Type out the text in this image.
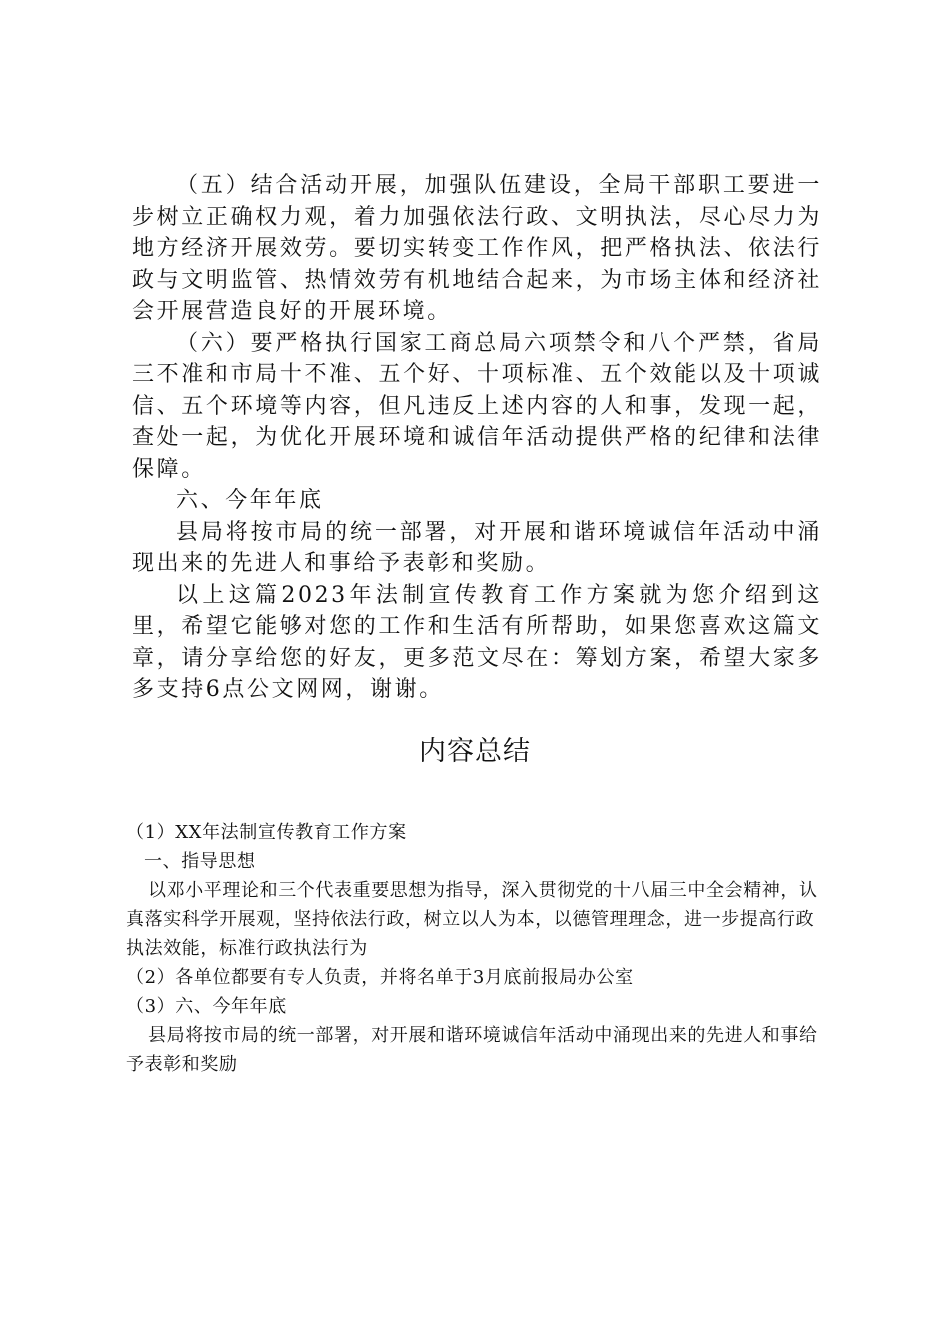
（五）结合活动开展，加强队伍建设，全局干部职工要进一步树立正确权力观，着力加强依法行政、文明执法，尽心尽力为地方经济开展效劳。要切实转变工作作风，把严格执法、依法行政与文明监管、热情效劳有机地结合起来，为市场主体和经济社会开展营造良好的开展环境。

（六）要严格执行国家工商总局六项禁令和八个严禁，省局三不准和市局十不准、五个好、十项标准、五个效能以及十项诚信、五个环境等内容，但凡违反上述内容的人和事，发现一起，查处一起，为优化开展环境和诚信年活动提供严格的纪律和法律保障。

六、今年年底

县局将按市局的统一部署，对开展和谐环境诚信年活动中涌现出来的先进人和事给予表彰和奖励。

以上这篇2023年法制宣传教育工作方案就为您介绍到这里，希望它能够对您的工作和生活有所帮助，如果您喜欢这篇文章，请分享给您的好友，更多范文尽在：筹划方案，希望大家多多支持6点公文网网，谢谢。

内容总结

（1）XX年法制宣传教育工作方案

一、指导思想

以邓小平理论和三个代表重要思想为指导，深入贯彻党的十八届三中全会精神，认真落实科学开展观，坚持依法行政，树立以人为本，以德管理理念，进一步提高行政执法效能，标准行政执法行为

（2）各单位都要有专人负责，并将名单于3月底前报局办公室

（3）六、今年年底

县局将按市局的统一部署，对开展和谐环境诚信年活动中涌现出来的先进人和事给予表彰和奖励
